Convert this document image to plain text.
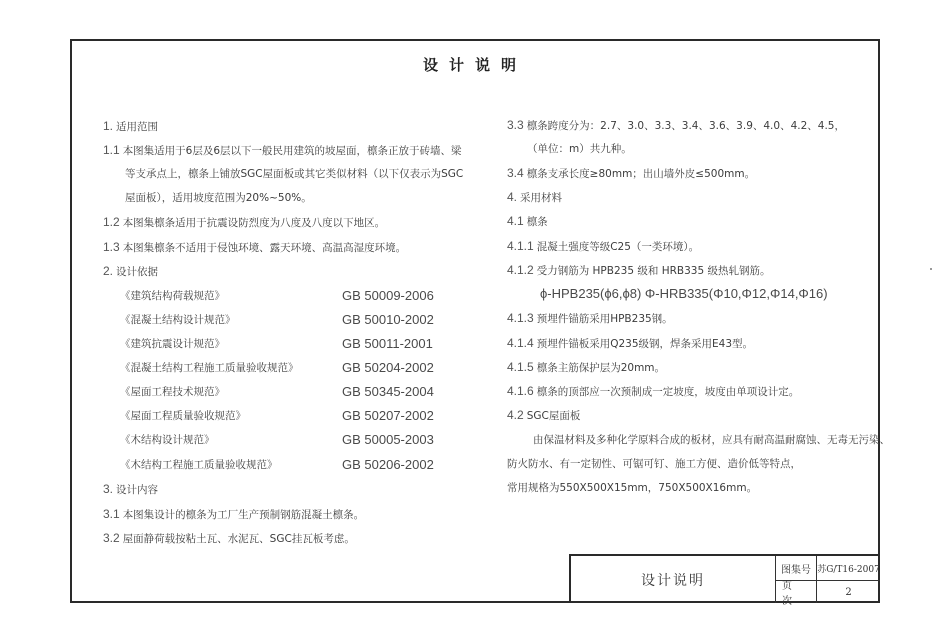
设计说明
1. 适用范围
1.1 本图集适用于6层及6层以下一般民用建筑的坡屋面，檩条正放于砖墙、梁
等支承点上，檩条上铺放SGC屋面板或其它类似材料（以下仅表示为SGC
屋面板），适用坡度范围为20%~50%。
1.2 本图集檩条适用于抗震设防烈度为八度及八度以下地区。
1.3 本图集檩条不适用于侵蚀环境、露天环境、高温高湿度环境。
2. 设计依据
《建筑结构荷载规范》	GB 50009-2006
《混凝土结构设计规范》	GB 50010-2002
《建筑抗震设计规范》	GB 50011-2001
《混凝土结构工程施工质量验收规范》	GB 50204-2002
《屋面工程技术规范》	GB 50345-2004
《屋面工程质量验收规范》	GB 50207-2002
《木结构设计规范》	GB 50005-2003
《木结构工程施工质量验收规范》	GB 50206-2002
3. 设计内容
3.1 本图集设计的檩条为工厂生产预制钢筋混凝土檩条。
3.2 屋面静荷载按粘土瓦、水泥瓦、SGC挂瓦板考虑。
3.3 檩条跨度分为：2.7、3.0、3.3、3.4、3.6、3.9、4.0、4.2、4.5，
（单位：m）共九种。
3.4 檩条支承长度≥80mm；出山墙外皮≤500mm。
4. 采用材料
4.1 檩条
4.1.1 混凝土强度等级C25（一类环境）。
4.1.2 受力钢筋为 HPB235 级和 HRB335 级热轧钢筋。
ϕ-HPB235(ϕ6,ϕ8) Φ-HRB335(Φ10,Φ12,Φ14,Φ16)
4.1.3 预埋件锚筋采用HPB235钢。
4.1.4 预埋件锚板采用Q235级钢，焊条采用E43型。
4.1.5 檩条主筋保护层为20mm。
4.1.6 檩条的顶部应一次预制成一定坡度，坡度由单项设计定。
4.2 SGC屋面板
由保温材料及多种化学原料合成的板材，应具有耐高温耐腐蚀、无毒无污染、
防火防水、有一定韧性、可锯可钉、施工方便、造价低等特点，
常用规格为550X500X15mm，750X500X16mm。
设计说明
图集号 苏G/T16-2007
页 次
2
